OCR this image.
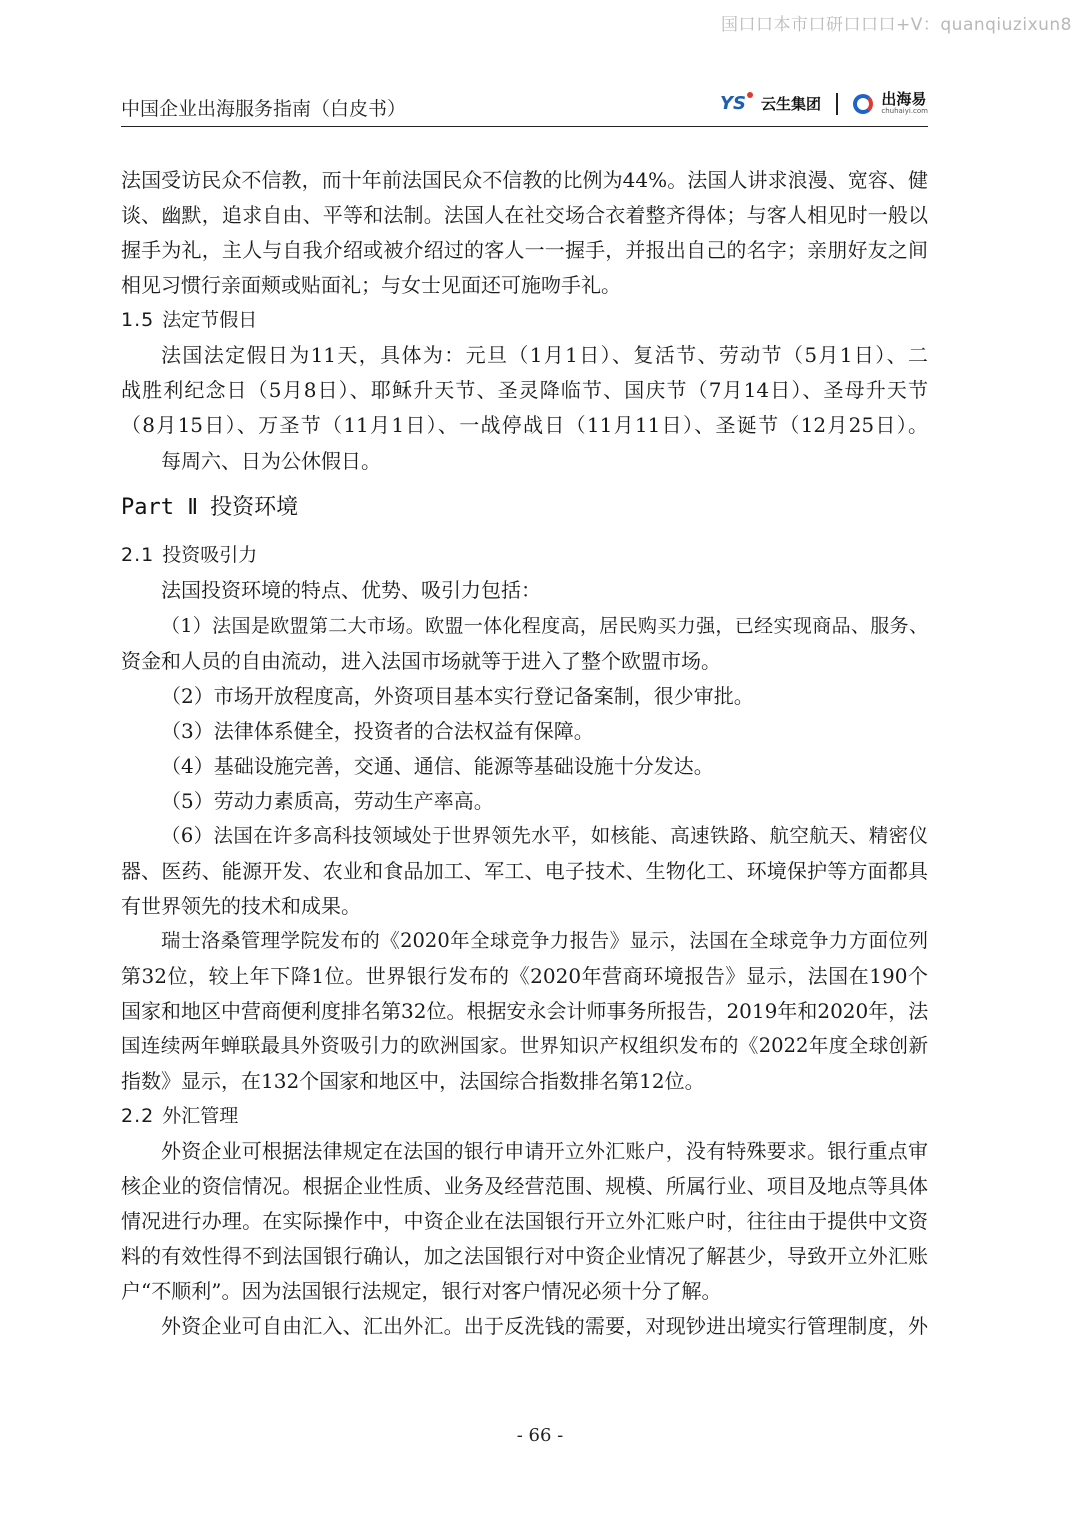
国口口本市口研口口口+V：quanqiuzixun8
中国企业出海服务指南（白皮书）	YS 云生集团	出海易
chuhaiyi.com
法国受访民众不信教，而十年前法国民众不信教的比例为44%。法国人讲求浪漫、宽容、健
谈、幽默，追求自由、平等和法制。法国人在社交场合衣着整齐得体；与客人相见时一般以
握手为礼，主人与自我介绍或被介绍过的客人一一握手，并报出自己的名字；亲朋好友之间
相见习惯行亲面颊或贴面礼；与女士见面还可施吻手礼。
1.5 法定节假日
法国法定假日为11天，具体为：元旦（1月1日）、复活节、劳动节（5月1日）、二
战胜利纪念日（5月8日）、耶稣升天节、圣灵降临节、国庆节（7月14日）、圣母升天节
（8月15日）、万圣节（11月1日）、一战停战日（11月11日）、圣诞节（12月25日）。
每周六、日为公休假日。
Part Ⅱ 投资环境
2.1 投资吸引力
法国投资环境的特点、优势、吸引力包括：
（1）法国是欧盟第二大市场。欧盟一体化程度高，居民购买力强，已经实现商品、服务、
资金和人员的自由流动，进入法国市场就等于进入了整个欧盟市场。
（2）市场开放程度高，外资项目基本实行登记备案制，很少审批。
（3）法律体系健全，投资者的合法权益有保障。
（4）基础设施完善，交通、通信、能源等基础设施十分发达。
（5）劳动力素质高，劳动生产率高。
（6）法国在许多高科技领域处于世界领先水平，如核能、高速铁路、航空航天、精密仪
器、医药、能源开发、农业和食品加工、军工、电子技术、生物化工、环境保护等方面都具
有世界领先的技术和成果。
瑞士洛桑管理学院发布的《2020年全球竞争力报告》显示，法国在全球竞争力方面位列
第32位，较上年下降1位。世界银行发布的《2020年营商环境报告》显示，法国在190个
国家和地区中营商便利度排名第32位。根据安永会计师事务所报告，2019年和2020年，法
国连续两年蝉联最具外资吸引力的欧洲国家。世界知识产权组织发布的《2022年度全球创新
指数》显示，在132个国家和地区中，法国综合指数排名第12位。
2.2 外汇管理
外资企业可根据法律规定在法国的银行申请开立外汇账户，没有特殊要求。银行重点审
核企业的资信情况。根据企业性质、业务及经营范围、规模、所属行业、项目及地点等具体
情况进行办理。在实际操作中，中资企业在法国银行开立外汇账户时，往往由于提供中文资
料的有效性得不到法国银行确认，加之法国银行对中资企业情况了解甚少，导致开立外汇账
户“不顺利”。因为法国银行法规定，银行对客户情况必须十分了解。
外资企业可自由汇入、汇出外汇。出于反洗钱的需要，对现钞进出境实行管理制度，外
- 66 -
